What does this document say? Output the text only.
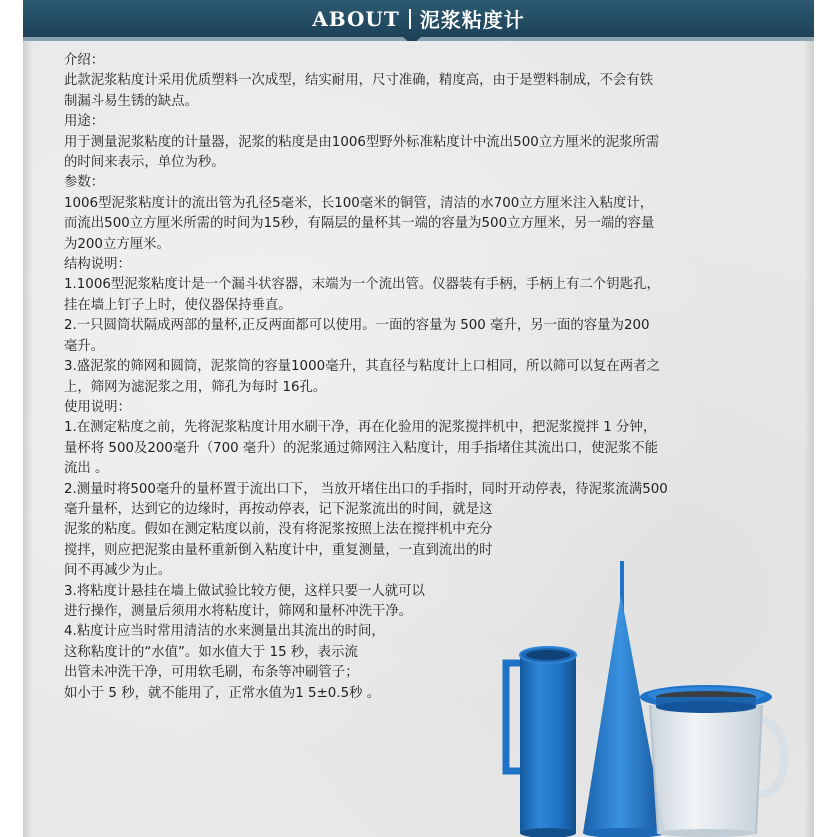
ABOUT 泥浆粘度计

介绍：

此款泥浆粘度计采用优质塑料一次成型，结实耐用，尺寸准确，精度高，由于是塑料制成，不会有铁

制漏斗易生锈的缺点。

用途：

用于测量泥浆粘度的计量器，泥浆的粘度是由1006型野外标准粘度计中流出500立方厘米的泥浆所需

的时间来表示，单位为秒。

参数：

1006型泥浆粘度计的流出管为孔径5毫米，长100毫米的铜管，清洁的水700立方厘米注入粘度计，

而流出500立方厘米所需的时间为15秒，有隔层的量杯其一端的容量为500立方厘米，另一端的容量

为200立方厘米。

结构说明：

1.1006型泥浆粘度计是一个漏斗状容器，末端为一个流出管。仪器装有手柄，手柄上有二个钥匙孔，

挂在墙上钉子上时，使仪器保持垂直。

2.一只圆筒状隔成两部的量杯,正反两面都可以使用。一面的容量为 500 毫升，另一面的容量为200

毫升。

3.盛泥浆的筛网和圆筒，泥浆筒的容量1000毫升，其直径与粘度计上口相同，所以筛可以复在两者之

上，筛网为滤泥浆之用，筛孔为每时 16孔。

使用说明：

1.在测定粘度之前，先将泥浆粘度计用水刷干净，再在化验用的泥浆搅拌机中，把泥浆搅拌 1 分钟，

量杯将 500及200毫升（700 毫升）的泥浆通过筛网注入粘度计，用手指堵住其流出口，使泥浆不能

流出 。

2.测量时将500毫升的量杯置于流出口下， 当放开堵住出口的手指时，同时开动停表，待泥浆流满500

毫升量杯，达到它的边缘时，再按动停表，记下泥浆流出的时间，就是这

泥浆的粘度。假如在测定粘度以前，没有将泥浆按照上法在搅拌机中充分

搅拌，则应把泥浆由量杯重新倒入粘度计中，重复测量，一直到流出的时

间不再减少为止。

3.将粘度计悬挂在墙上做试验比较方便，这样只要一人就可以

进行操作，测量后须用水将粘度计，筛网和量杯冲洗干净。

4.粘度计应当时常用清洁的水来测量出其流出的时间，

这称粘度计的“水值”。如水值大于 15 秒，表示流

出管未冲洗干净，可用软毛刷，布条等冲刷管子；

如小于 5 秒，就不能用了，正常水值为1 5±0.5秒 。
